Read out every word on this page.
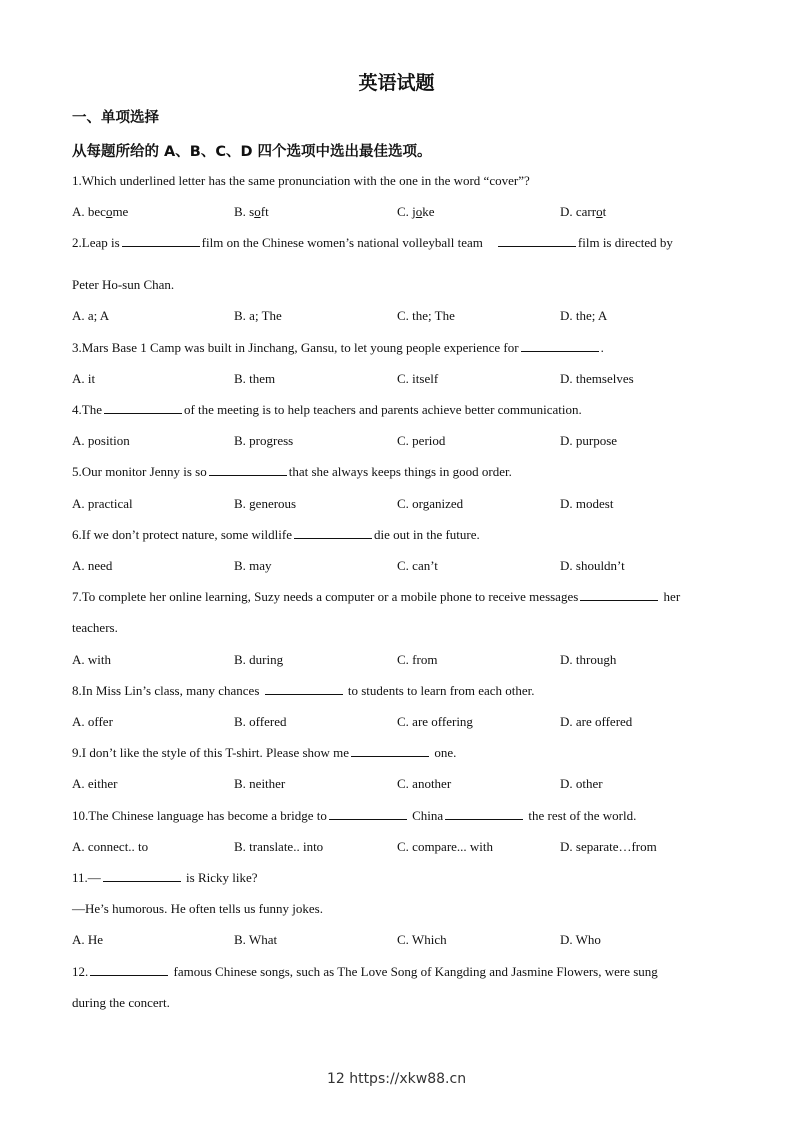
英语试题
一、单项选择
从每题所给的 A、B、C、D 四个选项中选出最佳选项。
1.Which underlined letter has the same pronunciation with the one in the word “cover”?
A. become	B. soft	C. joke	D. carrot
2.Leap is	film on the Chinese women’s national volleyball team	film is directed by
Peter Ho-sun Chan.
A. a; A	B. a; The	C. the; The	D. the; A
3.Mars Base 1 Camp was built in Jinchang, Gansu, to let young people experience for	.
A. it	B. them	C. itself	D. themselves
4.The	of the meeting is to help teachers and parents achieve better communication.
A. position	B. progress	C. period	D. purpose
5.Our monitor Jenny is so	that she always keeps things in good order.
A. practical	B. generous	C. organized	D. modest
6.If we don’t protect nature, some wildlife	die out in the future.
A. need	B. may	C. can’t	D. shouldn’t
7.To complete her online learning, Suzy needs a computer or a mobile phone to receive messages	her
teachers.
A. with	B. during	C. from	D. through
8.In Miss Lin’s class, many chances	to students to learn from each other.
A. offer	B. offered	C. are offering	D. are offered
9.I don’t like the style of this T-shirt. Please show me	one.
A. either	B. neither	C. another	D. other
10.The Chinese language has become a bridge to	China	the rest of the world.
A. connect.. to	B. translate.. into	C. compare... with	D. separate…from
11.—	is Ricky like?
—He’s humorous. He often tells us funny jokes.
A. He	B. What	C. Which	D. Who
12.	famous Chinese songs, such as The Love Song of Kangding and Jasmine Flowers, were sung
during the concert.
12 https://xkw88.cn
